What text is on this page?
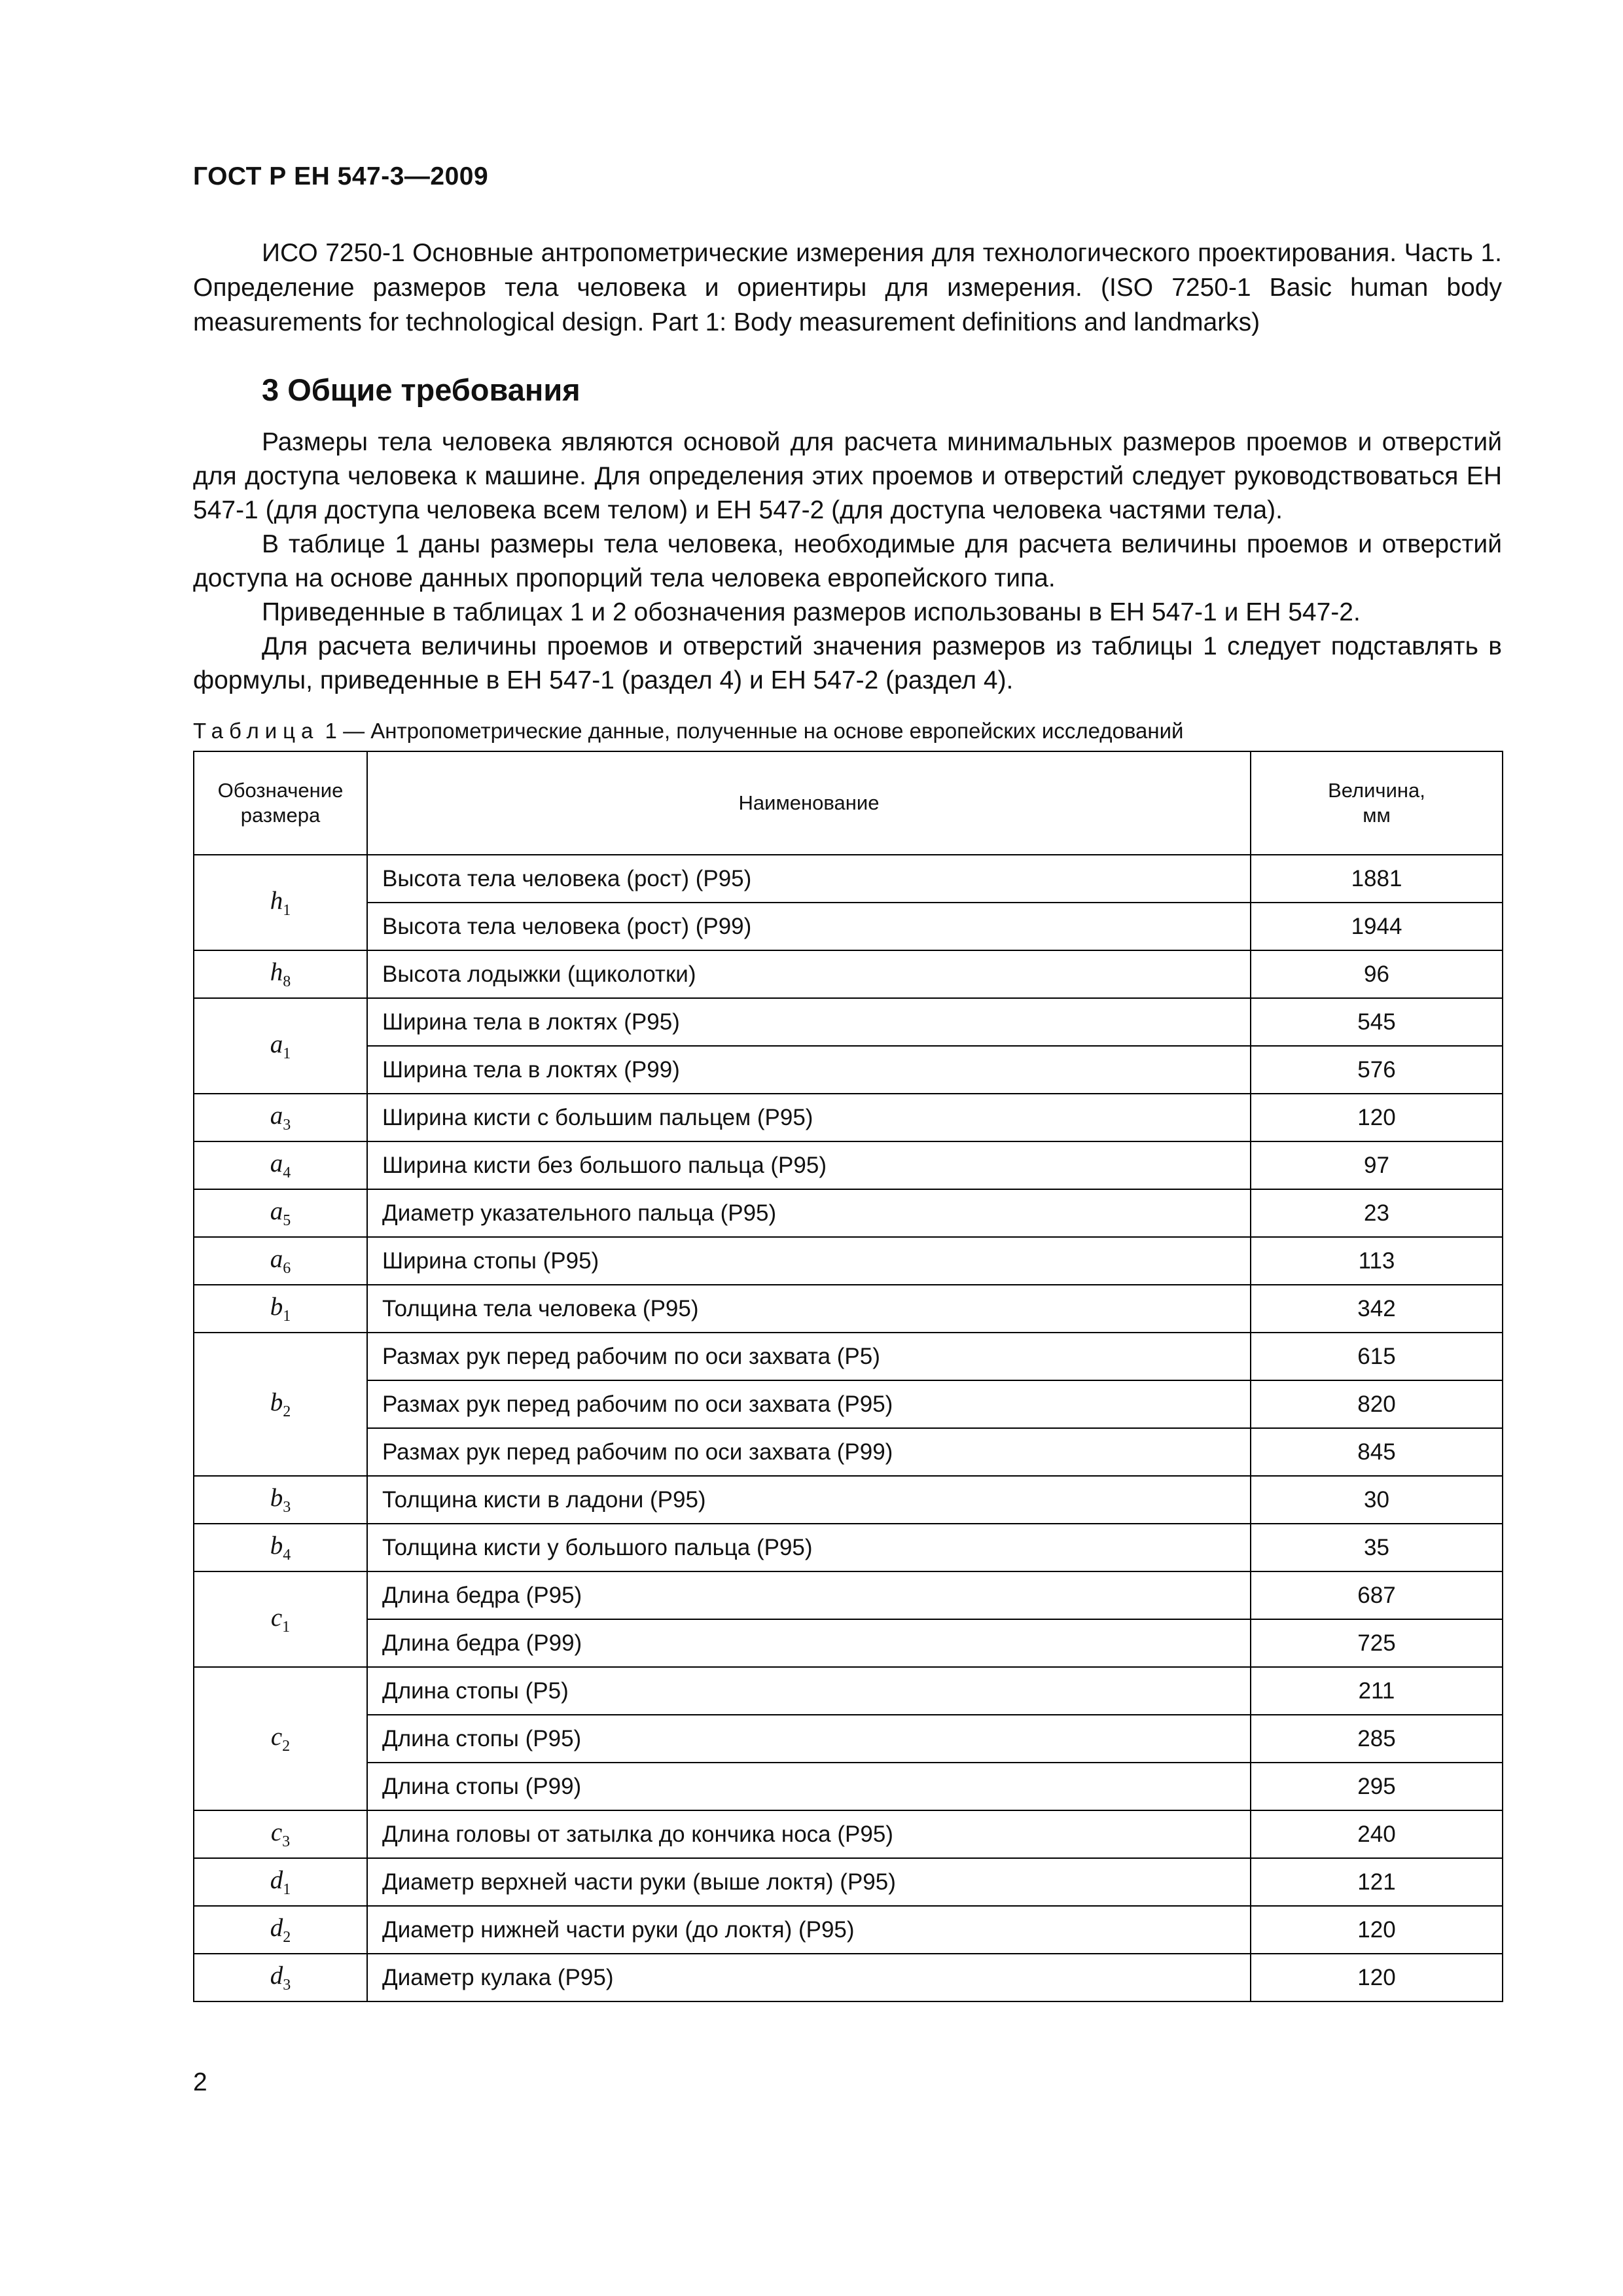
ГОСТ Р ЕН 547-3—2009

ИСО 7250-1 Основные антропометрические измерения для технологического проектирования. Часть 1. Определение размеров тела человека и ориентиры для измерения. (ISO 7250-1 Basic human body measurements for technological design. Part 1: Body measurement definitions and landmarks)

3 Общие требования

Размеры тела человека являются основой для расчета минимальных размеров проемов и отверстий для доступа человека к машине. Для определения этих проемов и отверстий следует руководствоваться ЕН 547-1 (для доступа человека всем телом) и ЕН 547-2 (для доступа человека частями тела).

В таблице 1 даны размеры тела человека, необходимые для расчета величины проемов и отверстий доступа на основе данных пропорций тела человека европейского типа.

Приведенные в таблицах 1 и 2 обозначения размеров использованы в ЕН 547-1 и ЕН 547-2.

Для расчета величины проемов и отверстий значения размеров из таблицы 1 следует подставлять в формулы, приведенные в ЕН 547-1 (раздел 4) и ЕН 547-2 (раздел 4).

Таблица 1 — Антропометрические данные, полученные на основе европейских исследований

Обозначение
размера	Наименование	Величина,
мм
$h_1$	Высота тела человека (рост) (P95)	1881
	Высота тела человека (рост) (P99)	1944
$h_8$	Высота лодыжки (щиколотки)	96
$a_1$	Ширина тела в локтях (P95)	545
	Ширина тела в локтях (P99)	576
$a_3$	Ширина кисти с большим пальцем (P95)	120
$a_4$	Ширина кисти без большого пальца (P95)	97
$a_5$	Диаметр указательного пальца (P95)	23
$a_6$	Ширина стопы (P95)	113
$b_1$	Толщина тела человека (P95)	342
$b_2$	Размах рук перед рабочим по оси захвата (P5)	615
	Размах рук перед рабочим по оси захвата (P95)	820
	Размах рук перед рабочим по оси захвата (P99)	845
$b_3$	Толщина кисти в ладони (P95)	30
$b_4$	Толщина кисти у большого пальца (P95)	35
$c_1$	Длина бедра (P95)	687
	Длина бедра (P99)	725
$c_2$	Длина стопы (P5)	211
	Длина стопы (P95)	285
	Длина стопы (P99)	295
$c_3$	Длина головы от затылка до кончика носа (P95)	240
$d_1$	Диаметр верхней части руки (выше локтя) (P95)	121
$d_2$	Диаметр нижней части руки (до локтя) (P95)	120
$d_3$	Диаметр кулака (P95)	120
2
